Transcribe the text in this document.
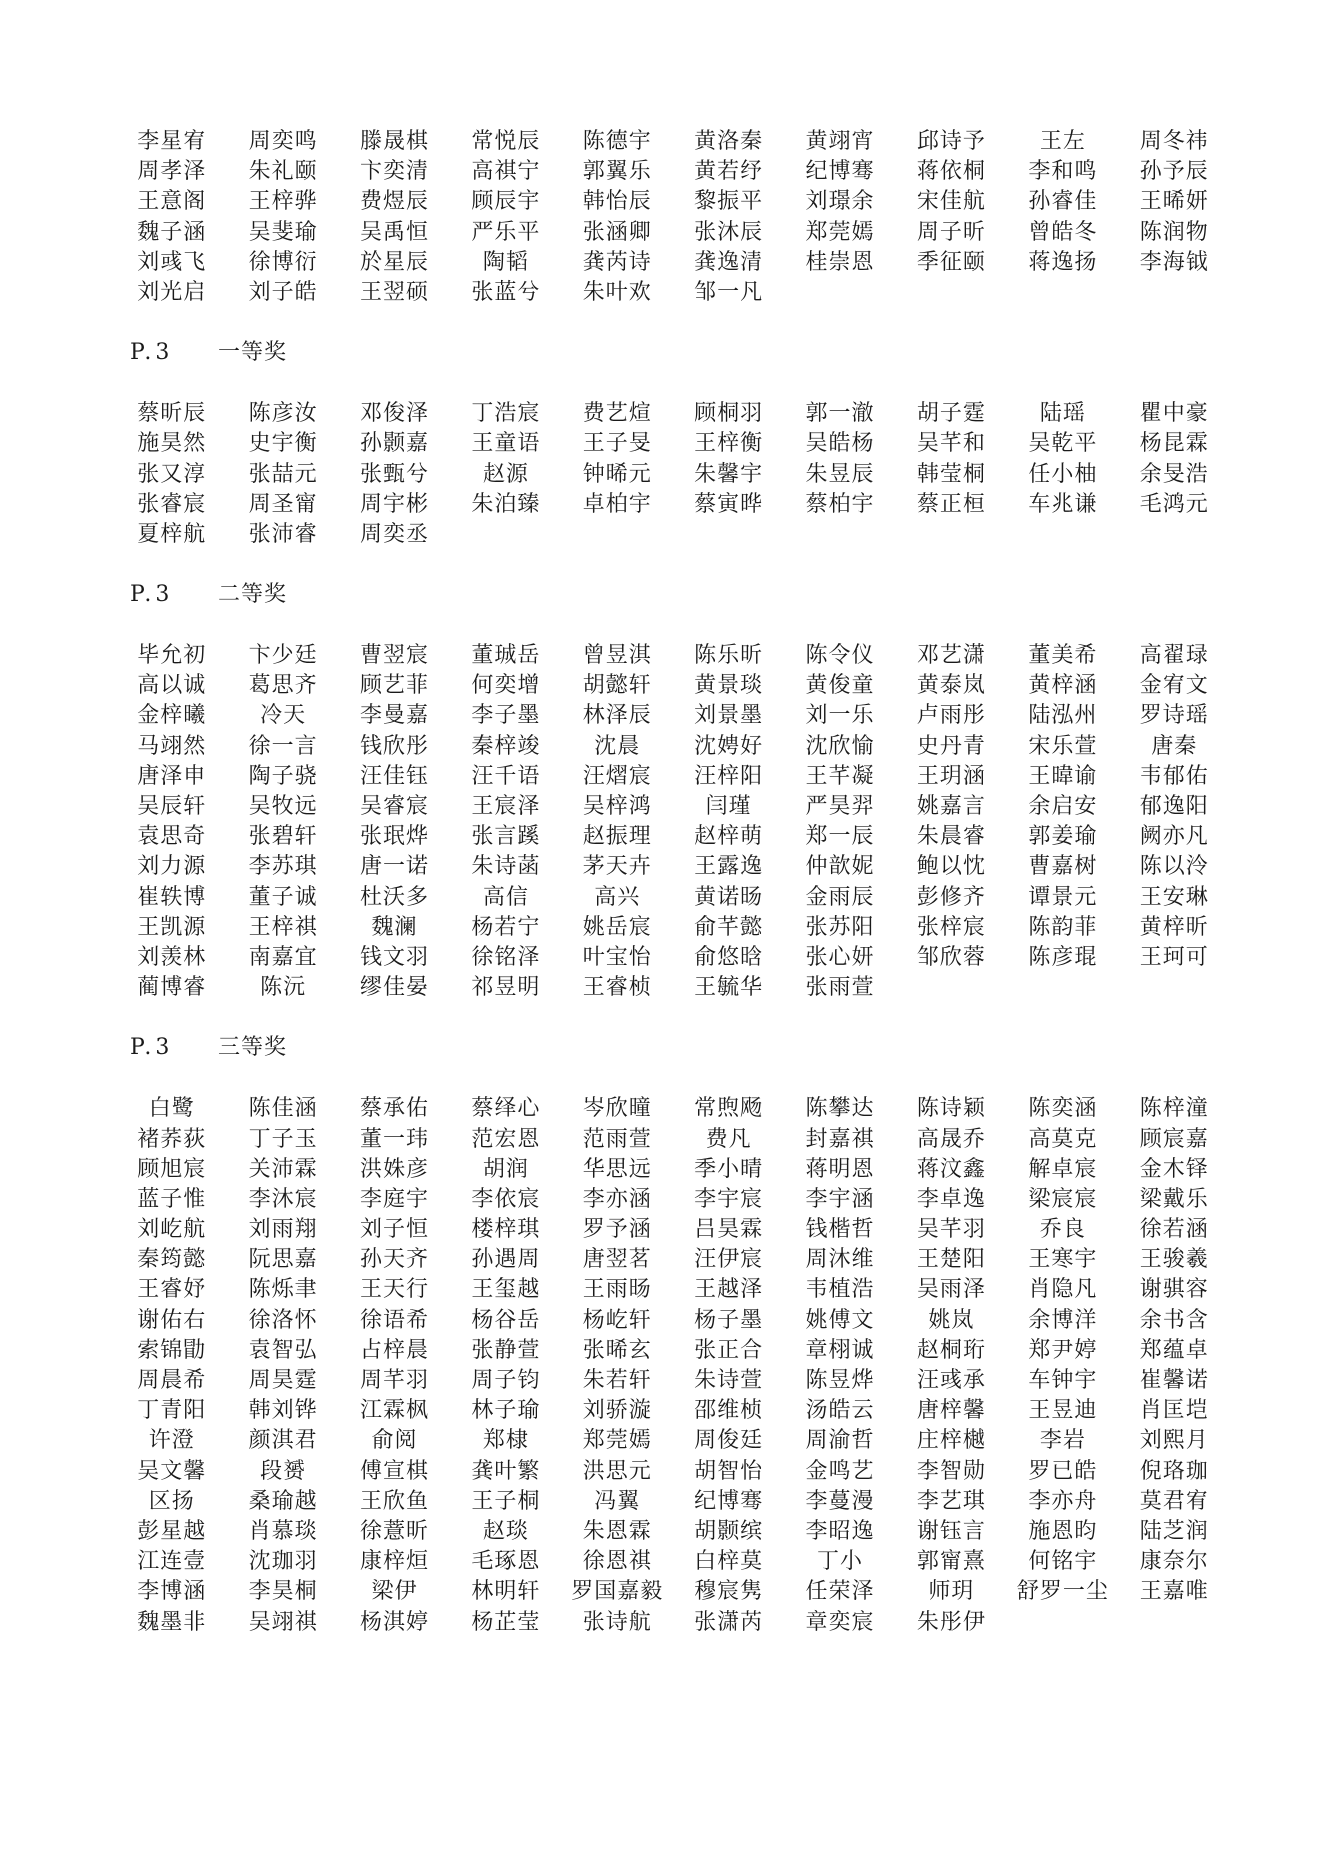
李星宥	周奕鸣	滕晟棋	常悦辰	陈德宇	黄洛秦	黄翊宵	邱诗予	王左	周冬祎
周孝泽	朱礼颐	卞奕清	高祺宁	郭翼乐	黄若纾	纪博骞	蒋依桐	李和鸣	孙予辰
王意阁	王梓骅	费煜辰	顾辰宇	韩怡辰	黎振平	刘璟余	宋佳航	孙睿佳	王晞妍
魏子涵	吴斐瑜	吴禹恒	严乐平	张涵卿	张沐辰	郑莞嫣	周子昕	曾皓冬	陈润物
刘彧飞	徐博衍	於星辰	陶韬	龚芮诗	龚逸清	桂崇恩	季征颐	蒋逸扬	李海钺
刘光启	刘子皓	王翌硕	张蓝兮	朱叶欢	邹一凡
P.3 一等奖
蔡昕辰	陈彦汝	邓俊泽	丁浩宸	费艺煊	顾桐羽	郭一澈	胡子霆	陆瑶	瞿中豪
施昊然	史宇衡	孙颢嘉	王童语	王子旻	王梓衡	吴皓杨	吴芊和	吴乾平	杨昆霖
张又淳	张喆元	张甄兮	赵源	钟晞元	朱馨宇	朱昱辰	韩莹桐	任小柚	余旻浩
张睿宸	周圣甯	周宇彬	朱泊臻	卓柏宇	蔡寅晔	蔡柏宇	蔡正桓	车兆谦	毛鸿元
夏梓航	张沛睿	周奕丞
P.3 二等奖
毕允初	卞少廷	曹翌宸	董珹岳	曾昱淇	陈乐昕	陈令仪	邓艺潇	董美希	高翟琭
高以诚	葛思齐	顾艺菲	何奕增	胡懿轩	黄景琰	黄俊童	黄泰岚	黄梓涵	金宥文
金梓曦	冷天	李曼嘉	李子墨	林泽辰	刘景墨	刘一乐	卢雨彤	陆泓州	罗诗瑶
马翊然	徐一言	钱欣彤	秦梓竣	沈晨	沈娉好	沈欣愉	史丹青	宋乐萱	唐秦
唐泽申	陶子骁	汪佳钰	汪千语	汪熠宸	汪梓阳	王芊凝	王玥涵	王暐谕	韦郁佑
吴辰轩	吴牧远	吴睿宸	王宸泽	吴梓鸿	闫瑾	严昊羿	姚嘉言	余启安	郁逸阳
袁思奇	张碧轩	张珉烨	张言蹊	赵振理	赵梓萌	郑一辰	朱晨睿	郭姜瑜	阙亦凡
刘力源	李苏琪	唐一诺	朱诗菡	茅天卉	王露逸	仲歆妮	鲍以忱	曹嘉树	陈以泠
崔轶博	董子诚	杜沃多	高信	高兴	黄诺旸	金雨辰	彭修齐	谭景元	王安琳
王凯源	王梓祺	魏澜	杨若宁	姚岳宸	俞芊懿	张苏阳	张梓宸	陈韵菲	黄梓昕
刘羡林	南嘉宜	钱文羽	徐铭泽	叶宝怡	俞悠晗	张心妍	邹欣蓉	陈彦琨	王珂可
蔺博睿	陈沅	缪佳晏	祁昱明	王睿桢	王毓华	张雨萱
P.3 三等奖
白鹭	陈佳涵	蔡承佑	蔡绎心	岑欣曈	常煦飏	陈攀达	陈诗颖	陈奕涵	陈梓潼
褚荞荻	丁子玉	董一玮	范宏恩	范雨萱	费凡	封嘉祺	高晟乔	高莫克	顾宸嘉
顾旭宸	关沛霖	洪姝彦	胡润	华思远	季小晴	蒋明恩	蒋汶鑫	解卓宸	金木铎
蓝子惟	李沐宸	李庭宇	李依宸	李亦涵	李宇宸	李宇涵	李卓逸	梁宸宸	梁戴乐
刘屹航	刘雨翔	刘子恒	楼梓琪	罗予涵	吕昊霖	钱楷哲	吴芊羽	乔良	徐若涵
秦筠懿	阮思嘉	孙天齐	孙遇周	唐翌茗	汪伊宸	周沐维	王楚阳	王寒宇	王骏羲
王睿妤	陈烁聿	王天行	王玺越	王雨旸	王越泽	韦植浩	吴雨泽	肖隐凡	谢骐容
谢佑右	徐洛怀	徐语希	杨谷岳	杨屹轩	杨子墨	姚傅文	姚岚	余博洋	余书含
索锦勖	袁智弘	占梓晨	张静萱	张晞玄	张正合	章栩诚	赵桐珩	郑尹婷	郑蕴卓
周晨希	周昊霆	周芊羽	周子钧	朱若轩	朱诗萱	陈昱烨	汪彧承	车钟宇	崔馨诺
丁青阳	韩刘铧	江霖枫	林子瑜	刘骄漩	邵维桢	汤皓云	唐梓馨	王昱迪	肖匡垲
许澄	颜淇君	俞阅	郑棣	郑莞嫣	周俊廷	周渝哲	庄梓樾	李岩	刘熙月
吴文馨	段赟	傅宣棋	龚叶繁	洪思元	胡智怡	金鸣艺	李智勋	罗已皓	倪珞珈
区扬	桑瑜越	王欣鱼	王子桐	冯翼	纪博骞	李蔓漫	李艺琪	李亦舟	莫君宥
彭星越	肖慕琰	徐薏昕	赵琰	朱恩霖	胡颢缤	李昭逸	谢钰言	施恩昀	陆芝润
江连壹	沈珈羽	康梓烜	毛琢恩	徐恩祺	白梓莫	丁小	郭甯熹	何铭宇	康奈尔
李博涵	李昊桐	梁伊	林明轩	罗国嘉毅	穆宸隽	任荣泽	师玥	舒罗一尘	王嘉唯
魏墨非	吴翊祺	杨淇婷	杨芷莹	张诗航	张潇芮	章奕宸	朱彤伊
